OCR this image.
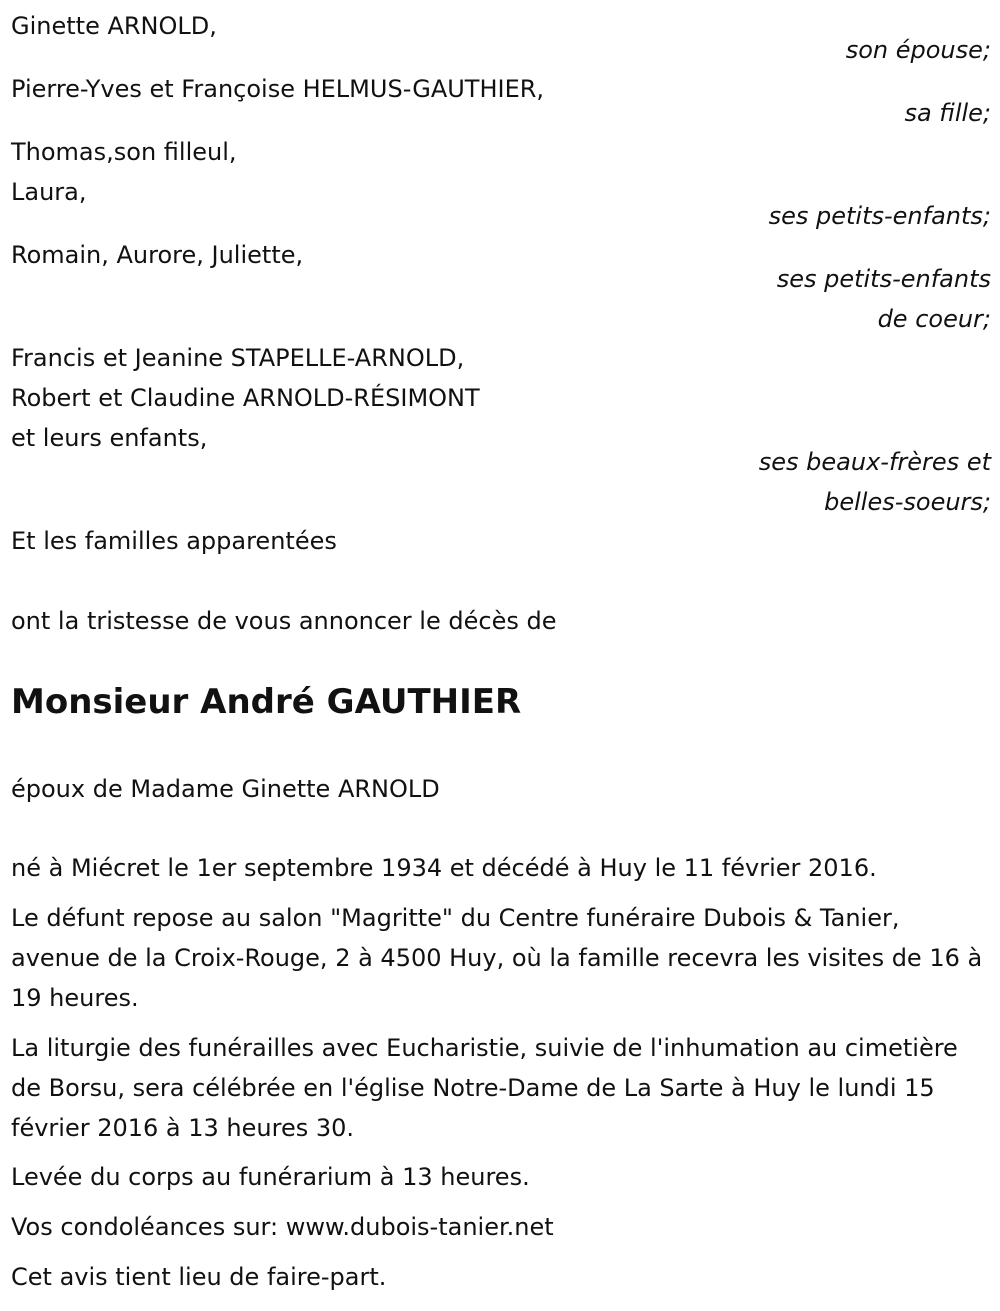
Ginette ARNOLD,
son épouse;
Pierre-Yves et Françoise HELMUS-GAUTHIER,
sa fille;
Thomas,son filleul,
Laura,
ses petits-enfants;
Romain, Aurore, Juliette,
ses petits-enfants
de coeur;
Francis et Jeanine STAPELLE-ARNOLD,
Robert et Claudine ARNOLD-RÉSIMONT
et leurs enfants,
ses beaux-frères et
belles-soeurs;
Et les familles apparentées
ont la tristesse de vous annoncer le décès de
Monsieur André GAUTHIER
époux de Madame Ginette ARNOLD
né à Miécret le 1er septembre 1934 et décédé à Huy le 11 février 2016.
Le défunt repose au salon "Magritte" du Centre funéraire Dubois & Tanier, avenue de la Croix-Rouge, 2 à 4500 Huy, où la famille recevra les visites de 16 à 19 heures.
La liturgie des funérailles avec Eucharistie, suivie de l'inhumation au cimetière de Borsu, sera célébrée en l'église Notre-Dame de La Sarte à Huy le lundi 15 février 2016 à 13 heures 30.
Levée du corps au funérarium à 13 heures.
Vos condoléances sur: www.dubois-tanier.net
Cet avis tient lieu de faire-part.
